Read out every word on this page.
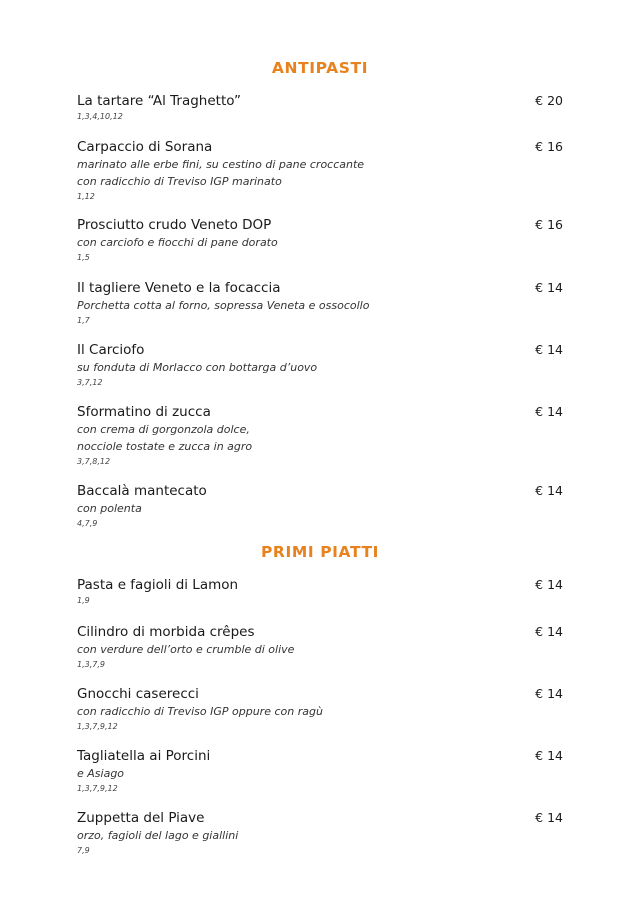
ANTIPASTI
La tartare “Al Traghetto”	€ 20
1,3,4,10,12
Carpaccio di Sorana	€ 16
marinato alle erbe fini, su cestino di pane croccante
con radicchio di Treviso IGP marinato
1,12
Prosciutto crudo Veneto DOP	€ 16
con carciofo e fiocchi di pane dorato
1,5
Il tagliere Veneto e la focaccia	€ 14
Porchetta cotta al forno, sopressa Veneta e ossocollo
1,7
Il Carciofo	€ 14
su fonduta di Morlacco con bottarga d’uovo
3,7,12
Sformatino di zucca	€ 14
con crema di gorgonzola dolce,
nocciole tostate e zucca in agro
3,7,8,12
Baccalà mantecato	€ 14
con polenta
4,7,9
PRIMI PIATTI
Pasta e fagioli di Lamon	€ 14
1,9
Cilindro di morbida crêpes	€ 14
con verdure dell’orto e crumble di olive
1,3,7,9
Gnocchi caserecci	€ 14
con radicchio di Treviso IGP oppure con ragù
1,3,7,9,12
Tagliatella ai Porcini	€ 14
e Asiago
1,3,7,9,12
Zuppetta del Piave	€ 14
orzo, fagioli del lago e giallini
7,9
